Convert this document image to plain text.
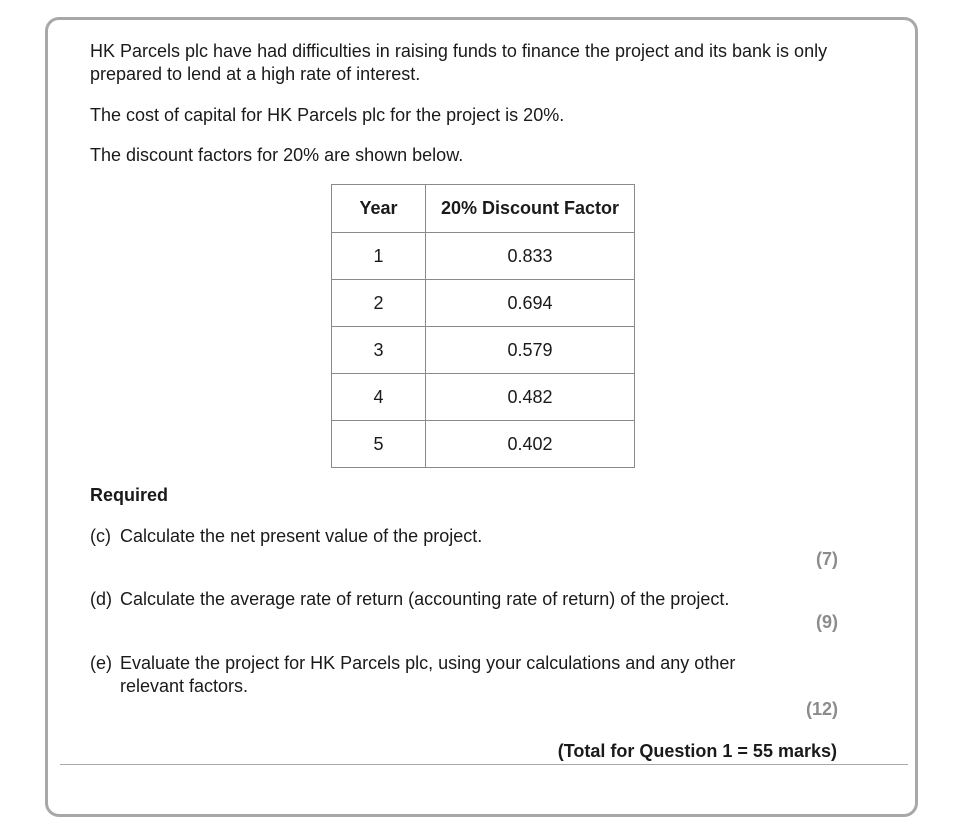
HK Parcels plc have had difficulties in raising funds to finance the project and its bank is only prepared to lend at a high rate of interest.

The cost of capital for HK Parcels plc for the project is 20%.

The discount factors for 20% are shown below.

Year	20% Discount Factor
1	0.833
2	0.694
3	0.579
4	0.482
5	0.402

Required

(c) Calculate the net present value of the project.
(7)
(d) Calculate the average rate of return (accounting rate of return) of the project.
(9)
(e) Evaluate the project for HK Parcels plc, using your calculations and any other
relevant factors.
(12)
(Total for Question 1 = 55 marks)
